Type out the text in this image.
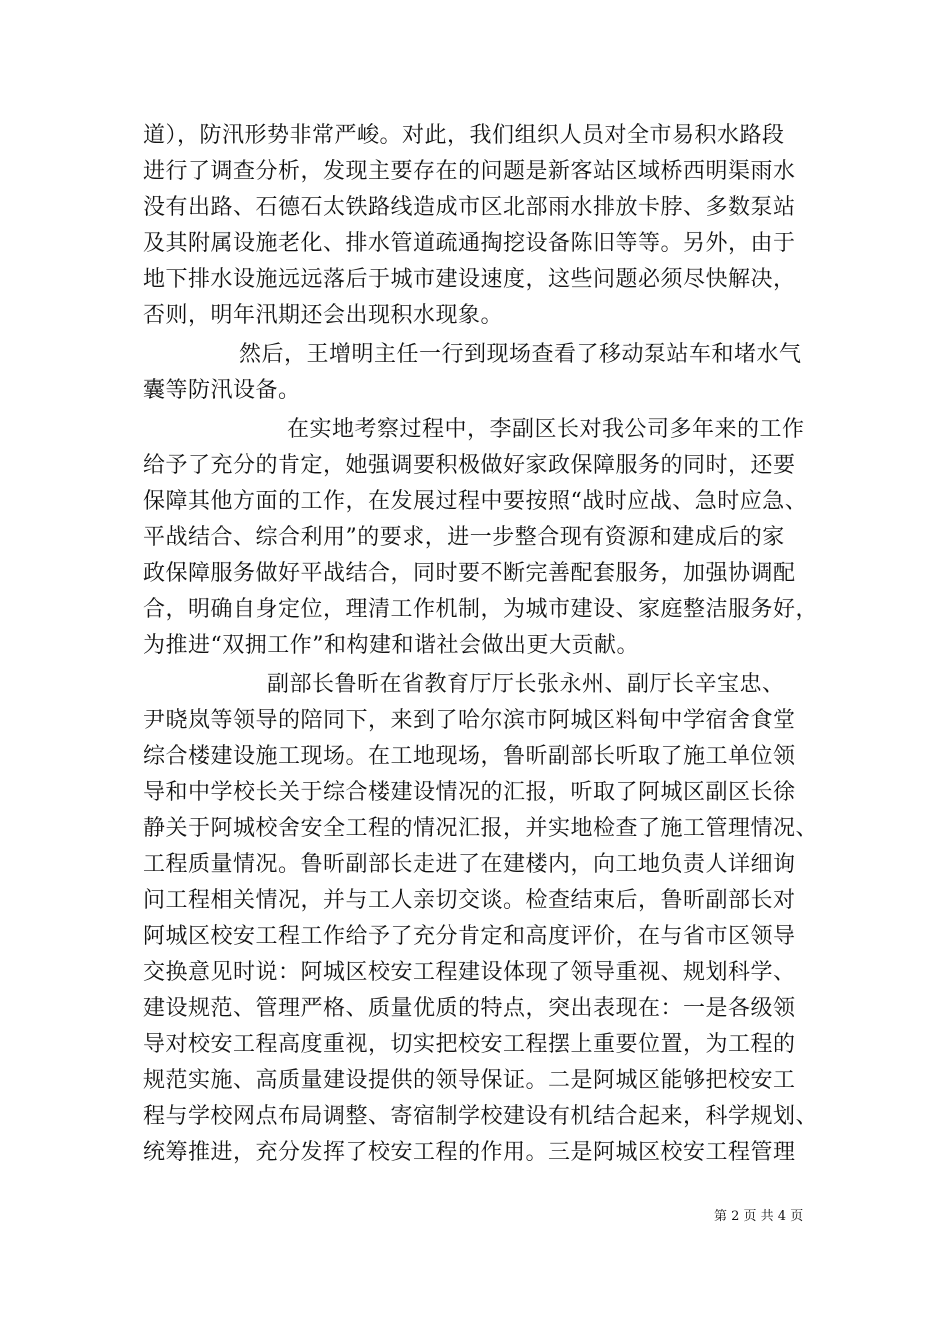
道），防汛形势非常严峻。对此，我们组织人员对全市易积水路段
进行了调查分析，发现主要存在的问题是新客站区域桥西明渠雨水
没有出路、石德石太铁路线造成市区北部雨水排放卡脖、多数泵站
及其附属设施老化、排水管道疏通掏挖设备陈旧等等。另外，由于
地下排水设施远远落后于城市建设速度，这些问题必须尽快解决，
否则，明年汛期还会出现积水现象。
然后，王增明主任一行到现场查看了移动泵站车和堵水气
囊等防汛设备。
在实地考察过程中，李副区长对我公司多年来的工作
给予了充分的肯定，她强调要积极做好家政保障服务的同时，还要
保障其他方面的工作，在发展过程中要按照“战时应战、急时应急、
平战结合、综合利用”的要求，进一步整合现有资源和建成后的家
政保障服务做好平战结合，同时要不断完善配套服务，加强协调配
合，明确自身定位，理清工作机制，为城市建设、家庭整洁服务好，
为推进“双拥工作”和构建和谐社会做出更大贡献。
副部长鲁昕在省教育厅厅长张永州、副厅长辛宝忠、
尹晓岚等领导的陪同下，来到了哈尔滨市阿城区料甸中学宿舍食堂
综合楼建设施工现场。在工地现场，鲁昕副部长听取了施工单位领
导和中学校长关于综合楼建设情况的汇报，听取了阿城区副区长徐
静关于阿城校舍安全工程的情况汇报，并实地检查了施工管理情况、
工程质量情况。鲁昕副部长走进了在建楼内，向工地负责人详细询
问工程相关情况，并与工人亲切交谈。检查结束后，鲁昕副部长对
阿城区校安工程工作给予了充分肯定和高度评价，在与省市区领导
交换意见时说：阿城区校安工程建设体现了领导重视、规划科学、
建设规范、管理严格、质量优质的特点，突出表现在：一是各级领
导对校安工程高度重视，切实把校安工程摆上重要位置，为工程的
规范实施、高质量建设提供的领导保证。二是阿城区能够把校安工
程与学校网点布局调整、寄宿制学校建设有机结合起来，科学规划、
统筹推进，充分发挥了校安工程的作用。三是阿城区校安工程管理
第 2 页 共 4 页
